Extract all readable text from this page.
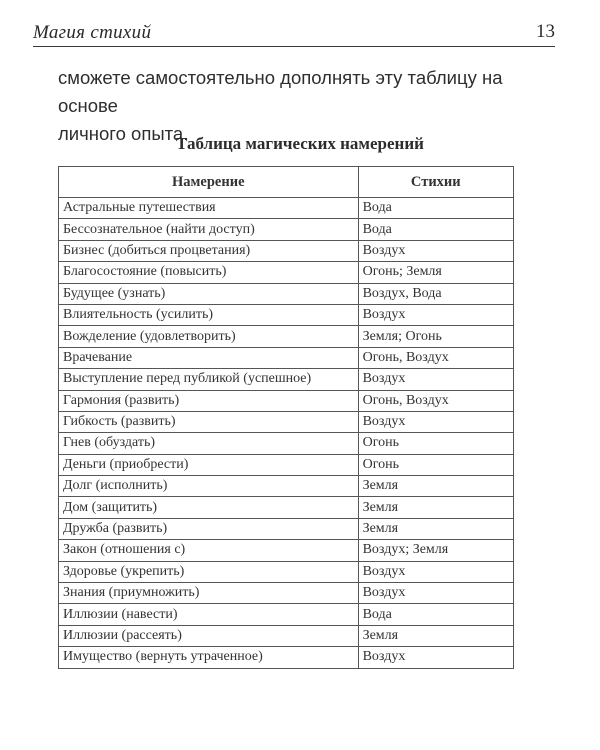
Магия стихий	13

сможете самостоятельно дополнять эту таблицу на основе

личного опыта.

Таблица магических намерений
Намерение	Стихии
Астральные путешествия	Вода
Бессознательное (найти доступ)	Вода
Бизнес (добиться процветания)	Воздух
Благосостояние (повысить)	Огонь; Земля
Будущее (узнать)	Воздух, Вода
Влиятельность (усилить)	Воздух
Вожделение (удовлетворить)	Земля; Огонь
Врачевание	Огонь, Воздух
Выступление перед публикой (успешное)	Воздух
Гармония (развить)	Огонь, Воздух
Гибкость (развить)	Воздух
Гнев (обуздать)	Огонь
Деньги (приобрести)	Огонь
Долг (исполнить)	Земля
Дом (защитить)	Земля
Дружба (развить)	Земля
Закон (отношения с)	Воздух; Земля
Здоровье (укрепить)	Воздух
Знания (приумножить)	Воздух
Иллюзии (навести)	Вода
Иллюзии (рассеять)	Земля
Имущество (вернуть утраченное)	Воздух
